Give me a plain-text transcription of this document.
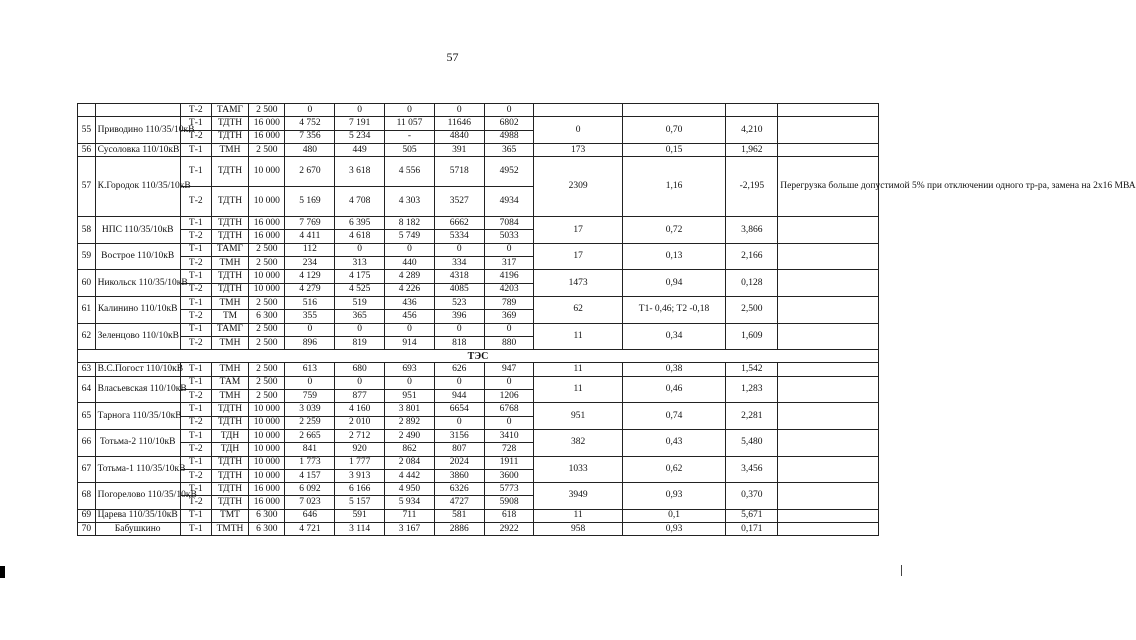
57
		Т-2	ТАМГ	2 500	0	0	0	0	0				
55	Приводино 110/35/10кВ	Т-1	ТДТН	16 000	4 752	7 191	11 057	11646	6802	0	0,70	4,210	
		Т-2	ТДТН	16 000	7 356	5 234	-	4840	4988				
56	Сусоловка 110/10кВ	Т-1	ТМН	2 500	480	449	505	391	365	173	0,15	1,962	
57	К.Городок 110/35/10кВ	Т-1	ТДТН	10 000	2 670	3 618	4 556	5718	4952	2309	1,16	-2,195	Перегрузка больше допустимой 5% при отключении одного тр-ра, замена на 2х16 МВА
		Т-2	ТДТН	10 000	5 169	4 708	4 303	3527	4934				
58	НПС 110/35/10кВ	Т-1	ТДТН	16 000	7 769	6 395	8 182	6662	7084	17	0,72	3,866	
		Т-2	ТДТН	16 000	4 411	4 618	5 749	5334	5033				
59	Вострое 110/10кВ	Т-1	ТАМГ	2 500	112	0	0	0	0	17	0,13	2,166	
		Т-2	ТМН	2 500	234	313	440	334	317				
60	Никольск 110/35/10кВ	Т-1	ТДТН	10 000	4 129	4 175	4 289	4318	4196	1473	0,94	0,128	
		Т-2	ТДТН	10 000	4 279	4 525	4 226	4085	4203				
61	Калинино 110/10кВ	Т-1	ТМН	2 500	516	519	436	523	789	62	Т1- 0,46; Т2 -0,18	2,500	
		Т-2	ТМ	6 300	355	365	456	396	369				
62	Зеленцово 110/10кВ	Т-1	ТАМГ	2 500	0	0	0	0	0	11	0,34	1,609	
		Т-2	ТМН	2 500	896	819	914	818	880				
ТЭС													
63	В.С.Погост 110/10кВ	Т-1	ТМН	2 500	613	680	693	626	947	11	0,38	1,542	
64	Власьевская 110/10кВ	Т-1	ТАМ	2 500	0	0	0	0	0	11	0,46	1,283	
		Т-2	ТМН	2 500	759	877	951	944	1206				
65	Тарнога 110/35/10кВ	Т-1	ТДТН	10 000	3 039	4 160	3 801	6654	6768	951	0,74	2,281	
		Т-2	ТДТН	10 000	2 259	2 010	2 892	0	0				
66	Тотьма-2 110/10кВ	Т-1	ТДН	10 000	2 665	2 712	2 490	3156	3410	382	0,43	5,480	
		Т-2	ТДН	10 000	841	920	862	807	728				
67	Тотьма-1 110/35/10кВ	Т-1	ТДТН	10 000	1 773	1 777	2 084	2024	1911	1033	0,62	3,456	
		Т-2	ТДТН	10 000	4 157	3 913	4 442	3860	3600				
68	Погорелово 110/35/10кВ	Т-1	ТДТН	16 000	6 092	6 166	4 950	6326	5773	3949	0,93	0,370	
		Т-2	ТДТН	16 000	7 023	5 157	5 934	4727	5908				
69	Царева 110/35/10кВ	Т-1	ТМТ	6 300	646	591	711	581	618	11	0,1	5,671	
70	Бабушкино	Т-1	ТМТН	6 300	4 721	3 114	3 167	2886	2922	958	0,93	0,171	
